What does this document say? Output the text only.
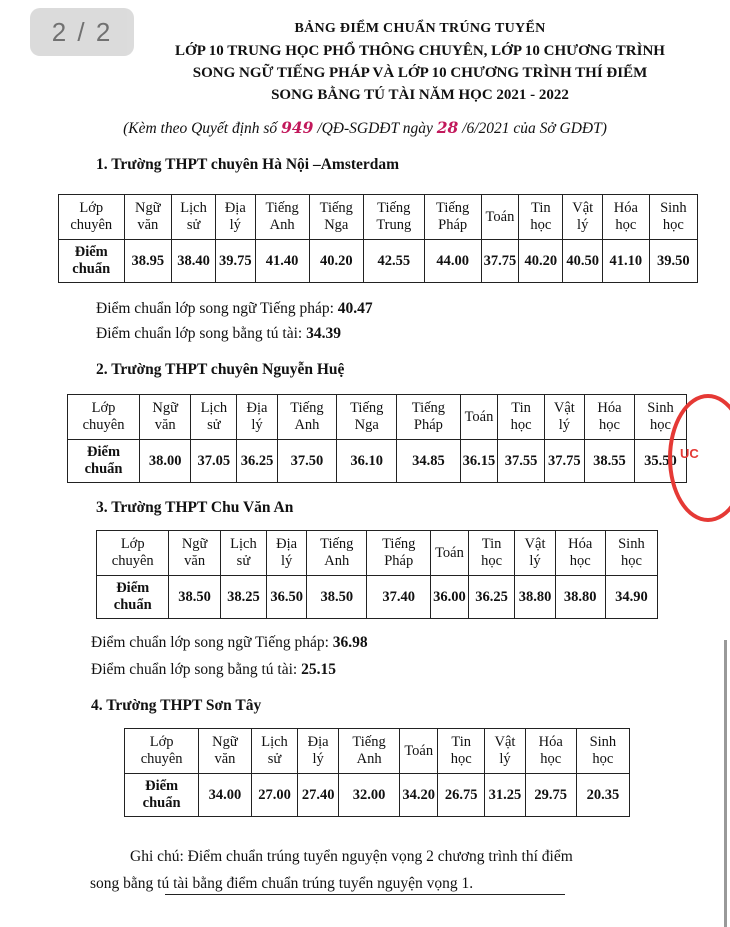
2 / 2	BẢNG ĐIỂM CHUẨN TRÚNG TUYỂN
LỚP 10 TRUNG HỌC PHỔ THÔNG CHUYÊN, LỚP 10 CHƯƠNG TRÌNH
SONG NGỮ TIẾNG PHÁP VÀ LỚP 10 CHƯƠNG TRÌNH THÍ ĐIỂM
SONG BẰNG TÚ TÀI NĂM HỌC 2021 - 2022
(Kèm theo Quyết định số 949 /QĐ-SGDĐT ngày 28 /6/2021 của Sở GDĐT)
1. Trường THPT chuyên Hà Nội –Amsterdam
Lớp chuyên	Ngữ văn	Lịch sử	Địa lý	Tiếng Anh	Tiếng Nga	Tiếng Trung	Tiếng Pháp	Toán	Tin học	Vật lý	Hóa học	Sinh học
Điểm chuẩn	38.95	38.40	39.75	41.40	40.20	42.55	44.00	37.75	40.20	40.50	41.10	39.50
Điểm chuẩn lớp song ngữ Tiếng pháp: 40.47
Điểm chuẩn lớp song bằng tú tài: 34.39
2. Trường THPT chuyên Nguyễn Huệ
Lớp chuyên	Ngữ văn	Lịch sử	Địa lý	Tiếng Anh	Tiếng Nga	Tiếng Pháp	Toán	Tin học	Vật lý	Hóa học	Sinh học
Điểm chuẩn	38.00	37.05	36.25	37.50	36.10	34.85	36.15	37.55	37.75	38.55	35.50
3. Trường THPT Chu Văn An
Lớp chuyên	Ngữ văn	Lịch sử	Địa lý	Tiếng Anh	Tiếng Pháp	Toán	Tin học	Vật lý	Hóa học	Sinh học
Điểm chuẩn	38.50	38.25	36.50	38.50	37.40	36.00	36.25	38.80	38.80	34.90
Điểm chuẩn lớp song ngữ Tiếng pháp: 36.98
Điểm chuẩn lớp song bằng tú tài: 25.15
4. Trường THPT Sơn Tây
Lớp chuyên	Ngữ văn	Lịch sử	Địa lý	Tiếng Anh	Toán	Tin học	Vật lý	Hóa học	Sinh học
Điểm chuẩn	34.00	27.00	27.40	32.00	34.20	26.75	31.25	29.75	20.35
UC
Ghi chú: Điểm chuẩn trúng tuyển nguyện vọng 2 chương trình thí điểm
song bằng tú tài bằng điểm chuẩn trúng tuyển nguyện vọng 1.
